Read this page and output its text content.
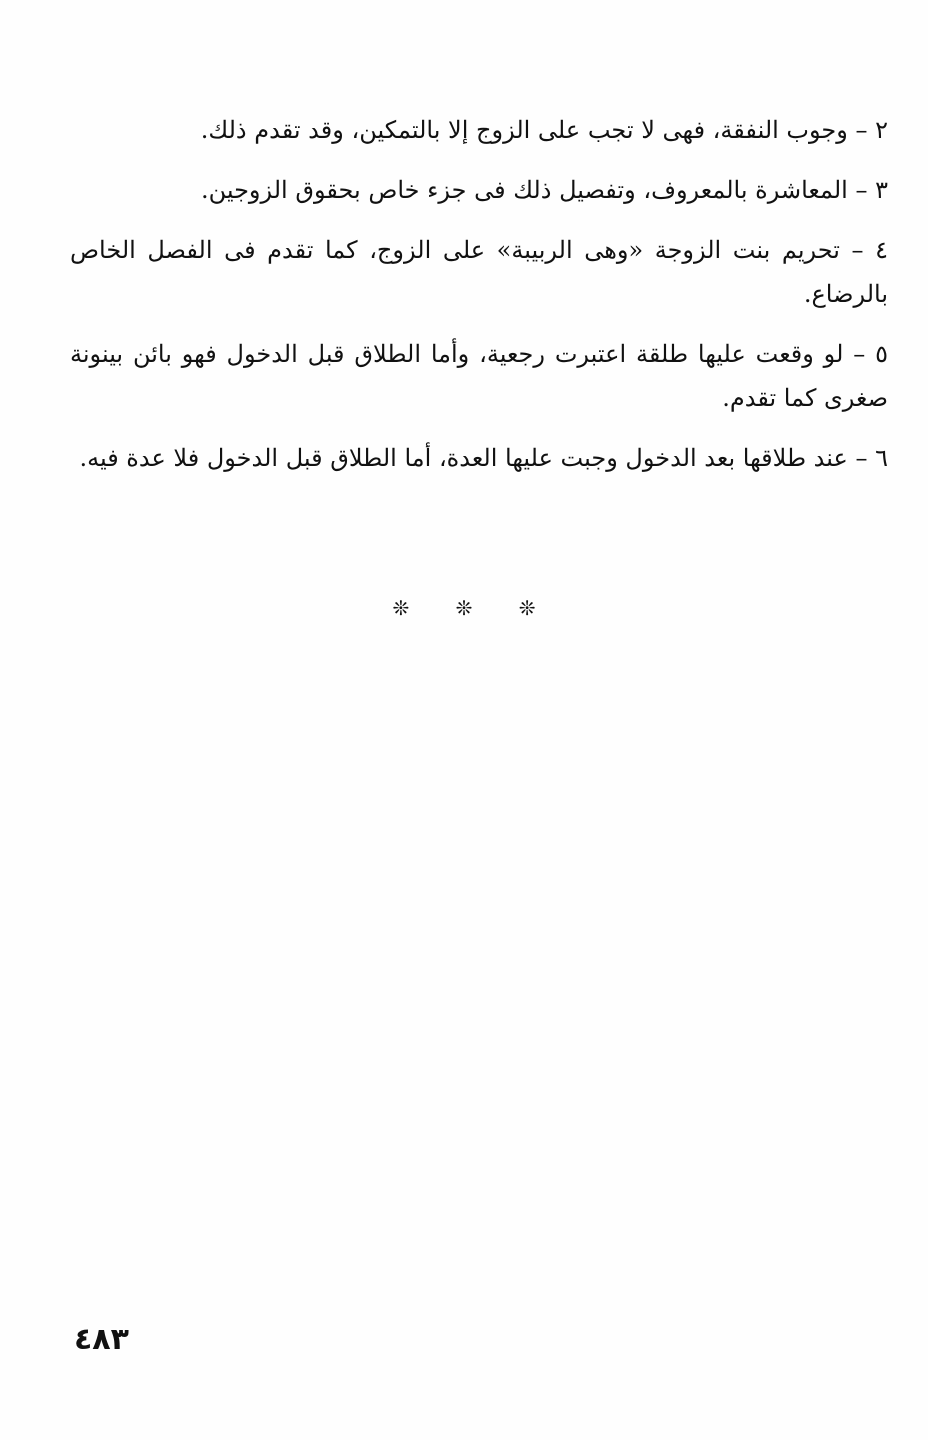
٢ – وجوب النفقة، فهى لا تجب على الزوج إلا بالتمكين، وقد تقدم ذلك.

٣ – المعاشرة بالمعروف، وتفصيل ذلك فى جزء خاص بحقوق الزوجين.

٤ – تحريم بنت الزوجة «وهى الربيبة» على الزوج، كما تقدم فى الفصل الخاص بالرضاع.

٥ – لو وقعت عليها طلقة اعتبرت رجعية، وأما الطلاق قبل الدخول فهو بائن بينونة صغرى كما تقدم.

٦ – عند طلاقها بعد الدخول وجبت عليها العدة، أما الطلاق قبل الدخول فلا عدة فيه.

❊ ❊ ❊
٤٨٣
